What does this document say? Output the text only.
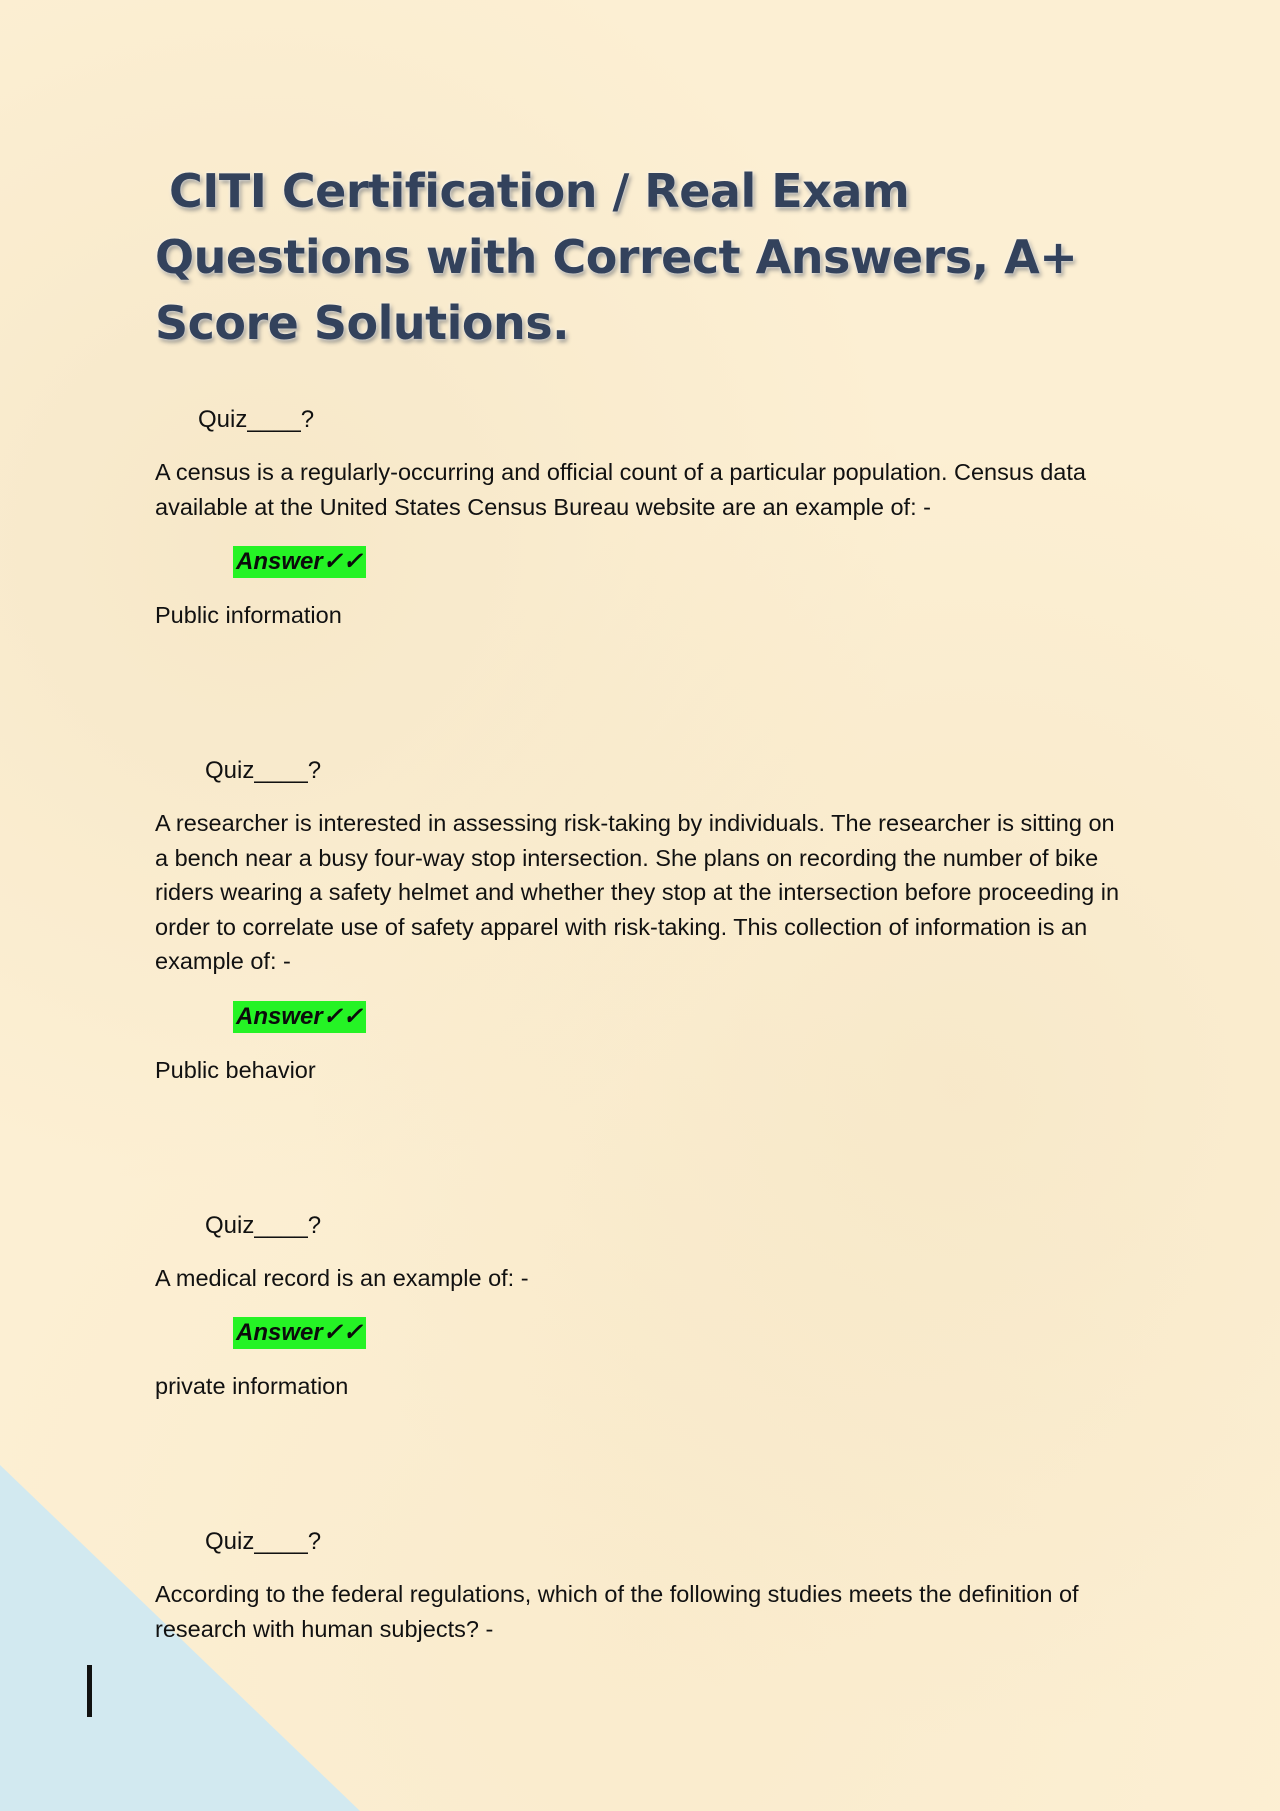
CITI Certification / Real Exam
Questions with Correct Answers, A+
Score Solutions.
Quiz____?

A census is a regularly-occurring and official count of a particular population. Census data available at the United States Census Bureau website are an example of: -

Answer✓✓
Public information
Quiz____?

A researcher is interested in assessing risk-taking by individuals. The researcher is sitting on a bench near a busy four-way stop intersection. She plans on recording the number of bike riders wearing a safety helmet and whether they stop at the intersection before proceeding in order to correlate use of safety apparel with risk-taking. This collection of information is an example of: -

Answer✓✓
Public behavior
Quiz____?

A medical record is an example of: -

Answer✓✓
private information
Quiz____?

According to the federal regulations, which of the following studies meets the definition of research with human subjects? -
